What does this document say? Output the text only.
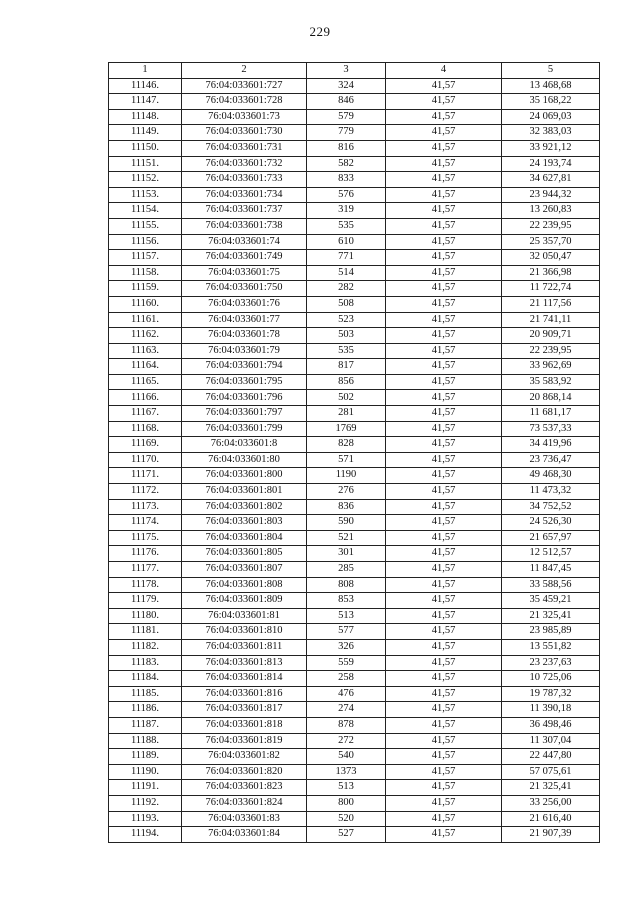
229
1	2	3	4	5
11146.	76:04:033601:727	324	41,57	13 468,68
11147.	76:04:033601:728	846	41,57	35 168,22
11148.	76:04:033601:73	579	41,57	24 069,03
11149.	76:04:033601:730	779	41,57	32 383,03
11150.	76:04:033601:731	816	41,57	33 921,12
11151.	76:04:033601:732	582	41,57	24 193,74
11152.	76:04:033601:733	833	41,57	34 627,81
11153.	76:04:033601:734	576	41,57	23 944,32
11154.	76:04:033601:737	319	41,57	13 260,83
11155.	76:04:033601:738	535	41,57	22 239,95
11156.	76:04:033601:74	610	41,57	25 357,70
11157.	76:04:033601:749	771	41,57	32 050,47
11158.	76:04:033601:75	514	41,57	21 366,98
11159.	76:04:033601:750	282	41,57	11 722,74
11160.	76:04:033601:76	508	41,57	21 117,56
11161.	76:04:033601:77	523	41,57	21 741,11
11162.	76:04:033601:78	503	41,57	20 909,71
11163.	76:04:033601:79	535	41,57	22 239,95
11164.	76:04:033601:794	817	41,57	33 962,69
11165.	76:04:033601:795	856	41,57	35 583,92
11166.	76:04:033601:796	502	41,57	20 868,14
11167.	76:04:033601:797	281	41,57	11 681,17
11168.	76:04:033601:799	1769	41,57	73 537,33
11169.	76:04:033601:8	828	41,57	34 419,96
11170.	76:04:033601:80	571	41,57	23 736,47
11171.	76:04:033601:800	1190	41,57	49 468,30
11172.	76:04:033601:801	276	41,57	11 473,32
11173.	76:04:033601:802	836	41,57	34 752,52
11174.	76:04:033601:803	590	41,57	24 526,30
11175.	76:04:033601:804	521	41,57	21 657,97
11176.	76:04:033601:805	301	41,57	12 512,57
11177.	76:04:033601:807	285	41,57	11 847,45
11178.	76:04:033601:808	808	41,57	33 588,56
11179.	76:04:033601:809	853	41,57	35 459,21
11180.	76:04:033601:81	513	41,57	21 325,41
11181.	76:04:033601:810	577	41,57	23 985,89
11182.	76:04:033601:811	326	41,57	13 551,82
11183.	76:04:033601:813	559	41,57	23 237,63
11184.	76:04:033601:814	258	41,57	10 725,06
11185.	76:04:033601:816	476	41,57	19 787,32
11186.	76:04:033601:817	274	41,57	11 390,18
11187.	76:04:033601:818	878	41,57	36 498,46
11188.	76:04:033601:819	272	41,57	11 307,04
11189.	76:04:033601:82	540	41,57	22 447,80
11190.	76:04:033601:820	1373	41,57	57 075,61
11191.	76:04:033601:823	513	41,57	21 325,41
11192.	76:04:033601:824	800	41,57	33 256,00
11193.	76:04:033601:83	520	41,57	21 616,40
11194.	76:04:033601:84	527	41,57	21 907,39
